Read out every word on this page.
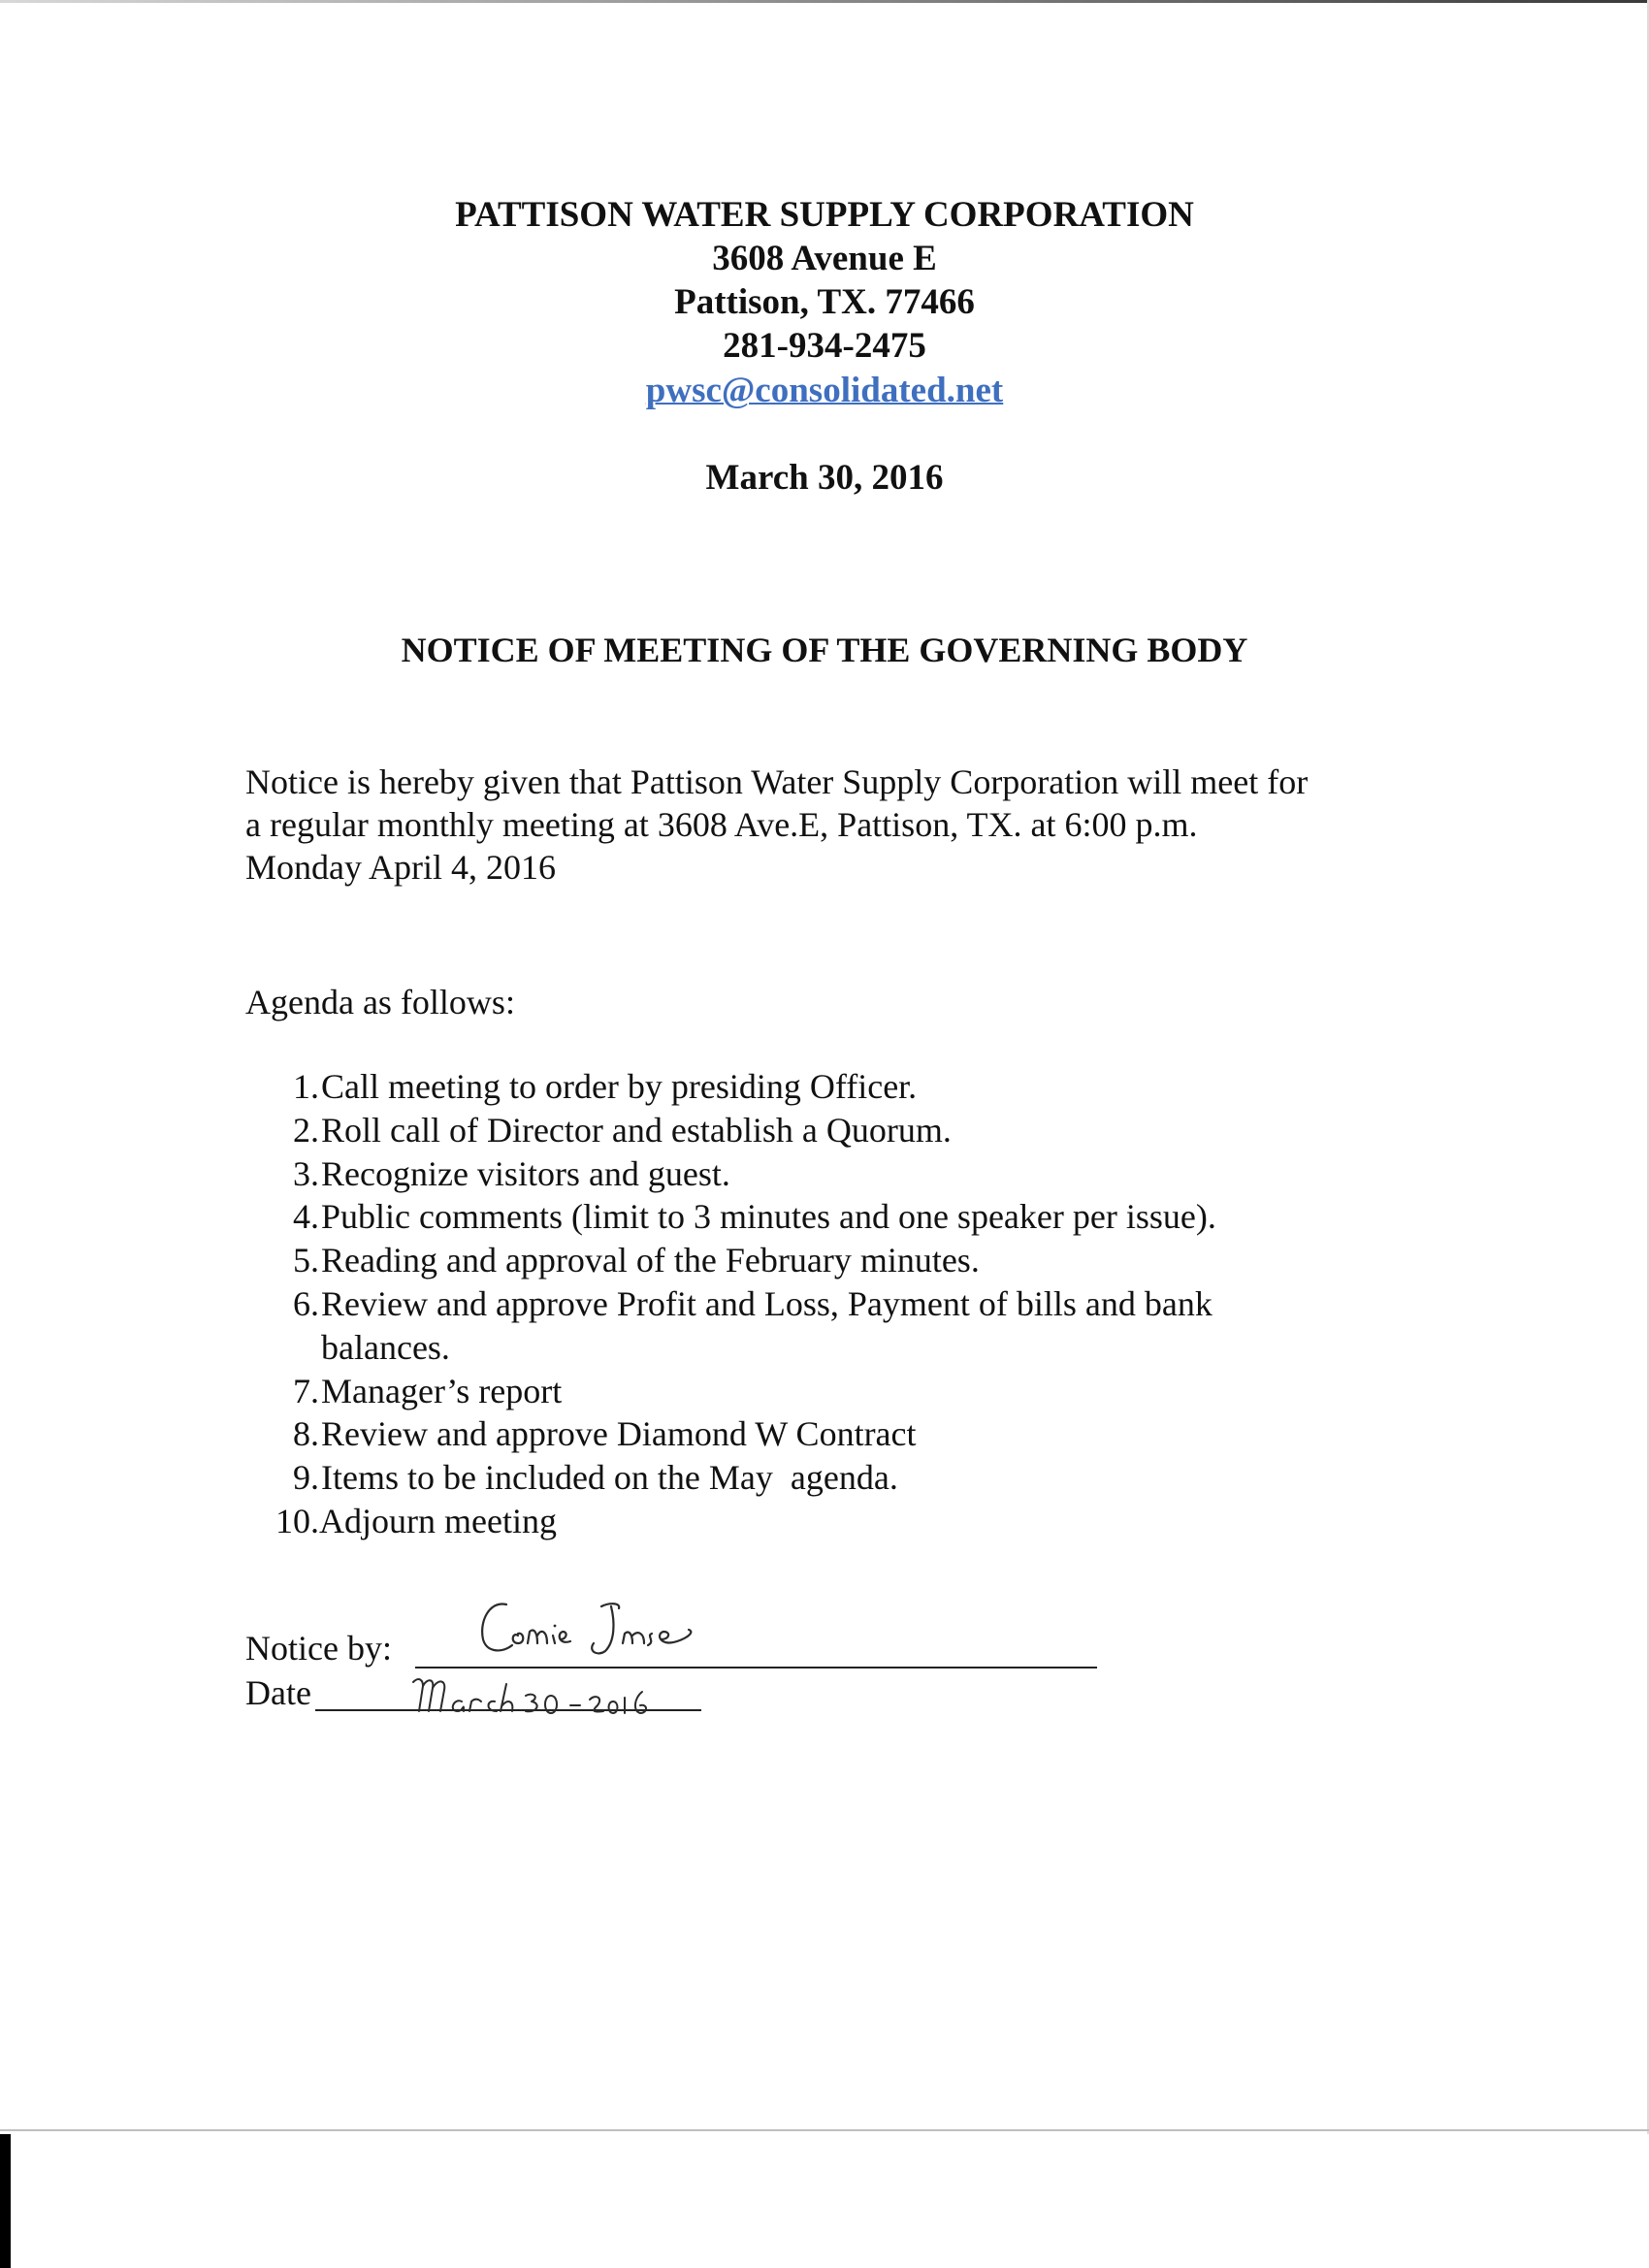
PATTISON WATER SUPPLY CORPORATION
3608 Avenue E
Pattison, TX. 77466
281-934-2475
pwsc@consolidated.net
March 30, 2016
NOTICE OF MEETING OF THE GOVERNING BODY
Notice is hereby given that Pattison Water Supply Corporation will meet for
a regular monthly meeting at 3608 Ave.E, Pattison, TX. at 6:00 p.m.
Monday April 4, 2016
Agenda as follows:
1. Call meeting to order by presiding Officer.
2. Roll call of Director and establish a Quorum.
3. Recognize visitors and guest.
4. Public comments (limit to 3 minutes and one speaker per issue).
5. Reading and approval of the February minutes.
6. Review and approve Profit and Loss, Payment of bills and bank balances.
7. Manager’s report
8. Review and approve Diamond W Contract
9. Items to be included on the May  agenda.
10. Adjourn meeting
Notice by:
Date
